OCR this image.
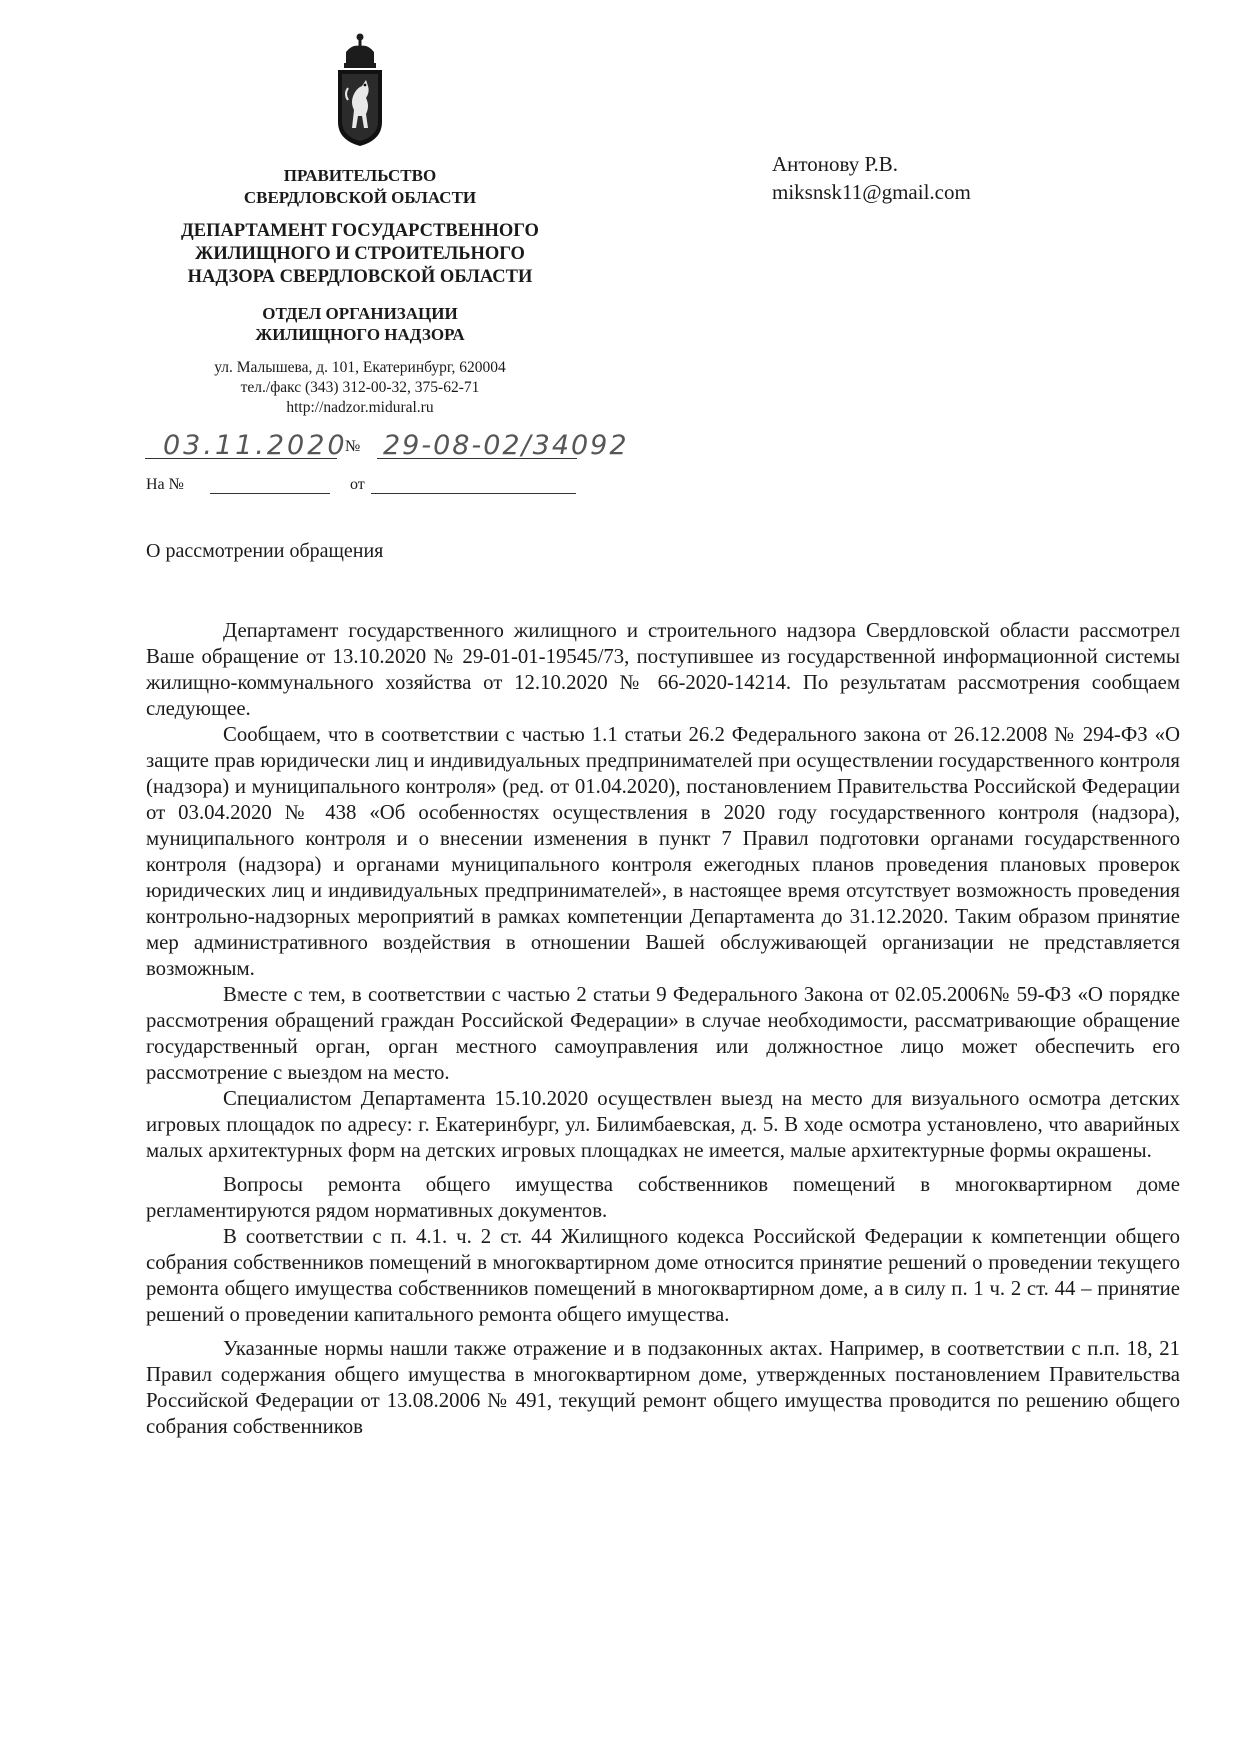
ПРАВИТЕЛЬСТВО
СВЕРДЛОВСКОЙ ОБЛАСТИ
ДЕПАРТАМЕНТ ГОСУДАРСТВЕННОГО
ЖИЛИЩНОГО И СТРОИТЕЛЬНОГО
НАДЗОРА СВЕРДЛОВСКОЙ ОБЛАСТИ
ОТДЕЛ ОРГАНИЗАЦИИ
ЖИЛИЩНОГО НАДЗОРА
ул. Малышева, д. 101, Екатеринбург, 620004
тел./факс (343) 312-00-32, 375-62-71
http://nadzor.midural.ru
03.11.2020
№ 29-08-02/34092
На №	от
Антонову Р.В.
miksnsk11@gmail.com
О рассмотрении обращения

Департамент государственного жилищного и строительного надзора Свердловской области рассмотрел Ваше обращение от 13.10.2020 № 29-01-01-19545/73, поступившее из государственной информационной системы жилищно-коммунального хозяйства от 12.10.2020 № 66-2020-14214. По результатам рассмотрения сообщаем следующее.

Сообщаем, что в соответствии с частью 1.1 статьи 26.2 Федерального закона от 26.12.2008 № 294-ФЗ «О защите прав юридически лиц и индивидуальных предпринимателей при осуществлении государственного контроля (надзора) и муниципального контроля» (ред. от 01.04.2020), постановлением Правительства Российской Федерации от 03.04.2020 № 438 «Об особенностях осуществления в 2020 году государственного контроля (надзора), муниципального контроля и о внесении изменения в пункт 7 Правил подготовки органами государственного контроля (надзора) и органами муниципального контроля ежегодных планов проведения плановых проверок юридических лиц и индивидуальных предпринимателей», в настоящее время отсутствует возможность проведения контрольно-надзорных мероприятий в рамках компетенции Департамента до 31.12.2020. Таким образом принятие мер административного воздействия в отношении Вашей обслуживающей организации не представляется возможным.

Вместе с тем, в соответствии с частью 2 статьи 9 Федерального Закона от 02.05.2006№ 59-ФЗ «О порядке рассмотрения обращений граждан Российской Федерации» в случае необходимости, рассматривающие обращение государственный орган, орган местного самоуправления или должностное лицо может обеспечить его рассмотрение с выездом на место.

Специалистом Департамента 15.10.2020 осуществлен выезд на место для визуального осмотра детских игровых площадок по адресу: г. Екатеринбург, ул. Билимбаевская, д. 5. В ходе осмотра установлено, что аварийных малых архитектурных форм на детских игровых площадках не имеется, малые архитектурные формы окрашены.

Вопросы ремонта общего имущества собственников помещений в многоквартирном доме регламентируются рядом нормативных документов.

В соответствии с п. 4.1. ч. 2 ст. 44 Жилищного кодекса Российской Федерации к компетенции общего собрания собственников помещений в многоквартирном доме относится принятие решений о проведении текущего ремонта общего имущества собственников помещений в многоквартирном доме, а в силу п. 1 ч. 2 ст. 44 – принятие решений о проведении капитального ремонта общего имущества.

Указанные нормы нашли также отражение и в подзаконных актах. Например, в соответствии с п.п. 18, 21 Правил содержания общего имущества в многоквартирном доме, утвержденных постановлением Правительства Российской Федерации от 13.08.2006 № 491, текущий ремонт общего имущества проводится по решению общего собрания собственников
